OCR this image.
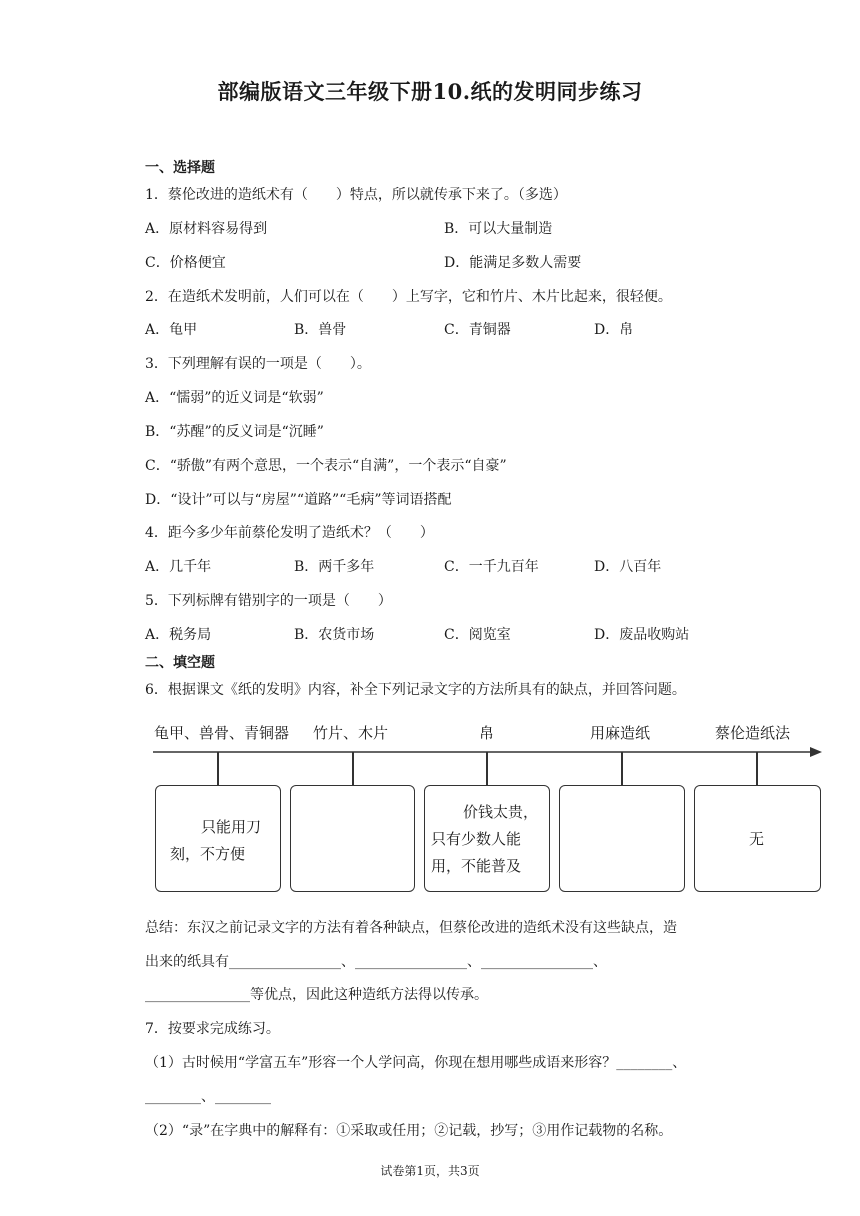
部编版语文三年级下册10.纸的发明同步练习
一、选择题
1．蔡伦改进的造纸术有（　　）特点，所以就传承下来了。（多选）
A．原材料容易得到	B．可以大量制造
C．价格便宜	D．能满足多数人需要
2．在造纸术发明前，人们可以在（　　）上写字，它和竹片、木片比起来，很轻便。
A．龟甲	B．兽骨	C．青铜器	D．帛
3．下列理解有误的一项是（　　）。
A．“懦弱”的近义词是“软弱”
B．“苏醒”的反义词是“沉睡”
C．“骄傲”有两个意思，一个表示“自满”，一个表示“自豪”
D．“设计”可以与“房屋”“道路”“毛病”等词语搭配
4．距今多少年前蔡伦发明了造纸术？（　　）
A．几千年	B．两千多年	C．一千九百年	D．八百年
5．下列标牌有错别字的一项是（　　）
A．税务局	B．农货市场	C．阅览室	D．废品收购站
二、填空题
6．根据课文《纸的发明》内容，补全下列记录文字的方法所具有的缺点，并回答问题。
龟甲、兽骨、青铜器 竹片、木片	帛	用麻造纸	蔡伦造纸法
只能用刀
刻，不方便
价钱太贵，
只有少数人能
用，不能普及
无
总结：东汉之前记录文字的方法有着各种缺点，但蔡伦改进的造纸术没有这些缺点，造
出来的纸具有________________、________________、________________、
_______________等优点，因此这种造纸方法得以传承。
7．按要求完成练习。
（1）古时候用“学富五车”形容一个人学问高，你现在想用哪些成语来形容？________、
________、________
（2）“录”在字典中的解释有：①采取或任用；②记载，抄写；③用作记载物的名称。
试卷第1页，共3页
